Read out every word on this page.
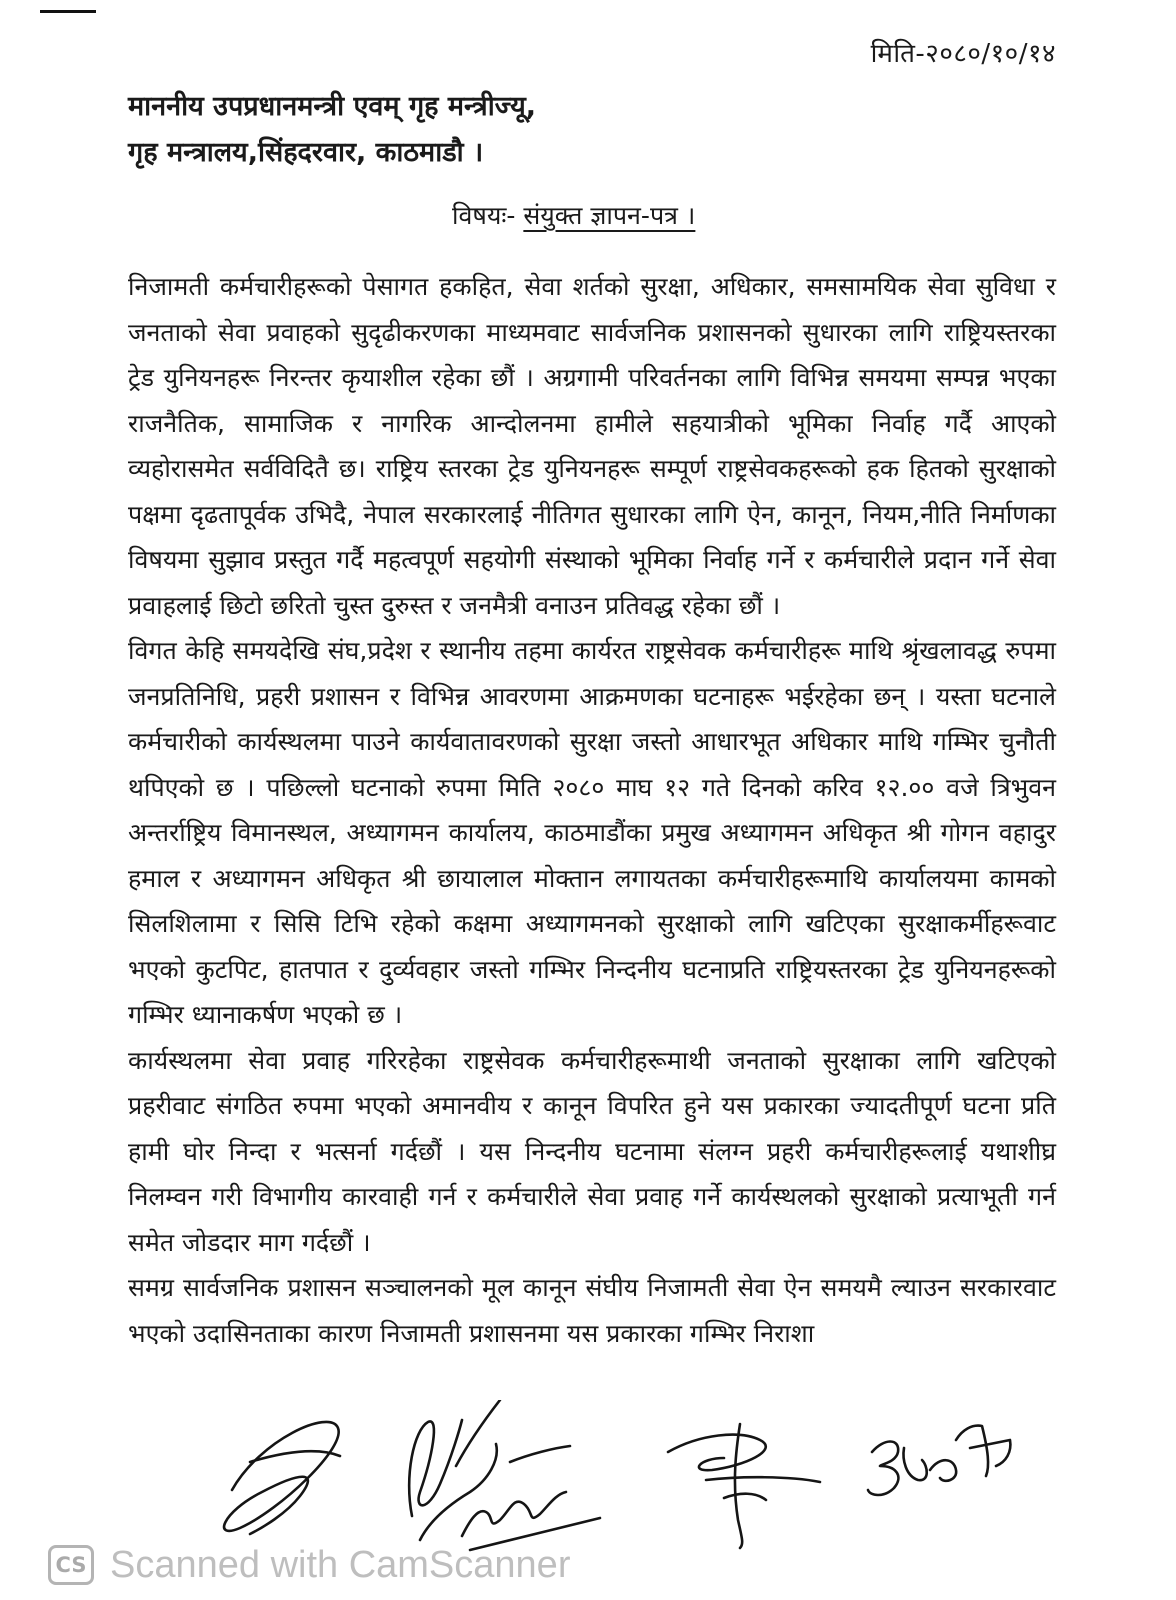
मिति-२०८०/१०/१४
माननीय उपप्रधानमन्त्री एवम् गृह मन्त्रीज्यू,
गृह मन्त्रालय,सिंहदरवार, काठमाडौ ।
विषयः- संयुक्त ज्ञापन-पत्र ।

निजामती कर्मचारीहरूको पेसागत हकहित, सेवा शर्तको सुरक्षा, अधिकार, समसामयिक सेवा सुविधा र जनताको सेवा प्रवाहको सुदृढीकरणका माध्यमवाट सार्वजनिक प्रशासनको सुधारका लागि राष्ट्रियस्तरका ट्रेड युनियनहरू निरन्तर कृयाशील रहेका छौं । अग्रगामी परिवर्तनका लागि विभिन्न समयमा सम्पन्न भएका राजनैतिक, सामाजिक र नागरिक आन्दोलनमा हामीले सहयात्रीको भूमिका निर्वाह गर्दै आएको व्यहोरासमेत सर्वविदितै छ। राष्ट्रिय स्तरका ट्रेड युनियनहरू सम्पूर्ण राष्ट्रसेवकहरूको हक हितको सुरक्षाको पक्षमा दृढतापूर्वक उभिदै, नेपाल सरकारलाई नीतिगत सुधारका लागि ऐन, कानून, नियम,नीति निर्माणका विषयमा सुझाव प्रस्तुत गर्दै महत्वपूर्ण सहयोगी संस्थाको भूमिका निर्वाह गर्ने र कर्मचारीले प्रदान गर्ने सेवा प्रवाहलाई छिटो छरितो चुस्त दुरुस्त र जनमैत्री वनाउन प्रतिवद्ध रहेका छौं ।

विगत केहि समयदेखि संघ,प्रदेश र स्थानीय तहमा कार्यरत राष्ट्रसेवक कर्मचारीहरू माथि श्रृंखलावद्ध रुपमा जनप्रतिनिधि, प्रहरी प्रशासन र विभिन्न आवरणमा आक्रमणका घटनाहरू भईरहेका छन् । यस्ता घटनाले कर्मचारीको कार्यस्थलमा पाउने कार्यवातावरणको सुरक्षा जस्तो आधारभूत अधिकार माथि गम्भिर चुनौती थपिएको छ । पछिल्लो घटनाको रुपमा मिति २०८० माघ १२ गते दिनको करिव १२.०० वजे त्रिभुवन अन्तर्राष्ट्रिय विमानस्थल, अध्यागमन कार्यालय, काठमाडौंका प्रमुख अध्यागमन अधिकृत श्री गोगन वहादुर हमाल र अध्यागमन अधिकृत श्री छायालाल मोक्तान लगायतका कर्मचारीहरूमाथि कार्यालयमा कामको सिलशिलामा र सिसि टिभि रहेको कक्षमा अध्यागमनको सुरक्षाको लागि खटिएका सुरक्षाकर्मीहरूवाट भएको कुटपिट, हातपात र दुर्व्यवहार जस्तो गम्भिर निन्दनीय घटनाप्रति राष्ट्रियस्तरका ट्रेड युनियनहरूको गम्भिर ध्यानाकर्षण भएको छ ।

कार्यस्थलमा सेवा प्रवाह गरिरहेका राष्ट्रसेवक कर्मचारीहरूमाथी जनताको सुरक्षाका लागि खटिएको प्रहरीवाट संगठित रुपमा भएको अमानवीय र कानून विपरित हुने यस प्रकारका ज्यादतीपूर्ण घटना प्रति हामी घोर निन्दा र भत्सर्ना गर्दछौं । यस निन्दनीय घटनामा संलग्न प्रहरी कर्मचारीहरूलाई यथाशीघ्र निलम्वन गरी विभागीय कारवाही गर्न र कर्मचारीले सेवा प्रवाह गर्ने कार्यस्थलको सुरक्षाको प्रत्याभूती गर्न समेत जोडदार माग गर्दछौं ।

समग्र सार्वजनिक प्रशासन सञ्चालनको मूल कानून संघीय निजामती सेवा ऐन समयमै ल्याउन सरकारवाट भएको उदासिनताका कारण निजामती प्रशासनमा यस प्रकारका गम्भिर निराशा

CS Scanned with CamScanner
